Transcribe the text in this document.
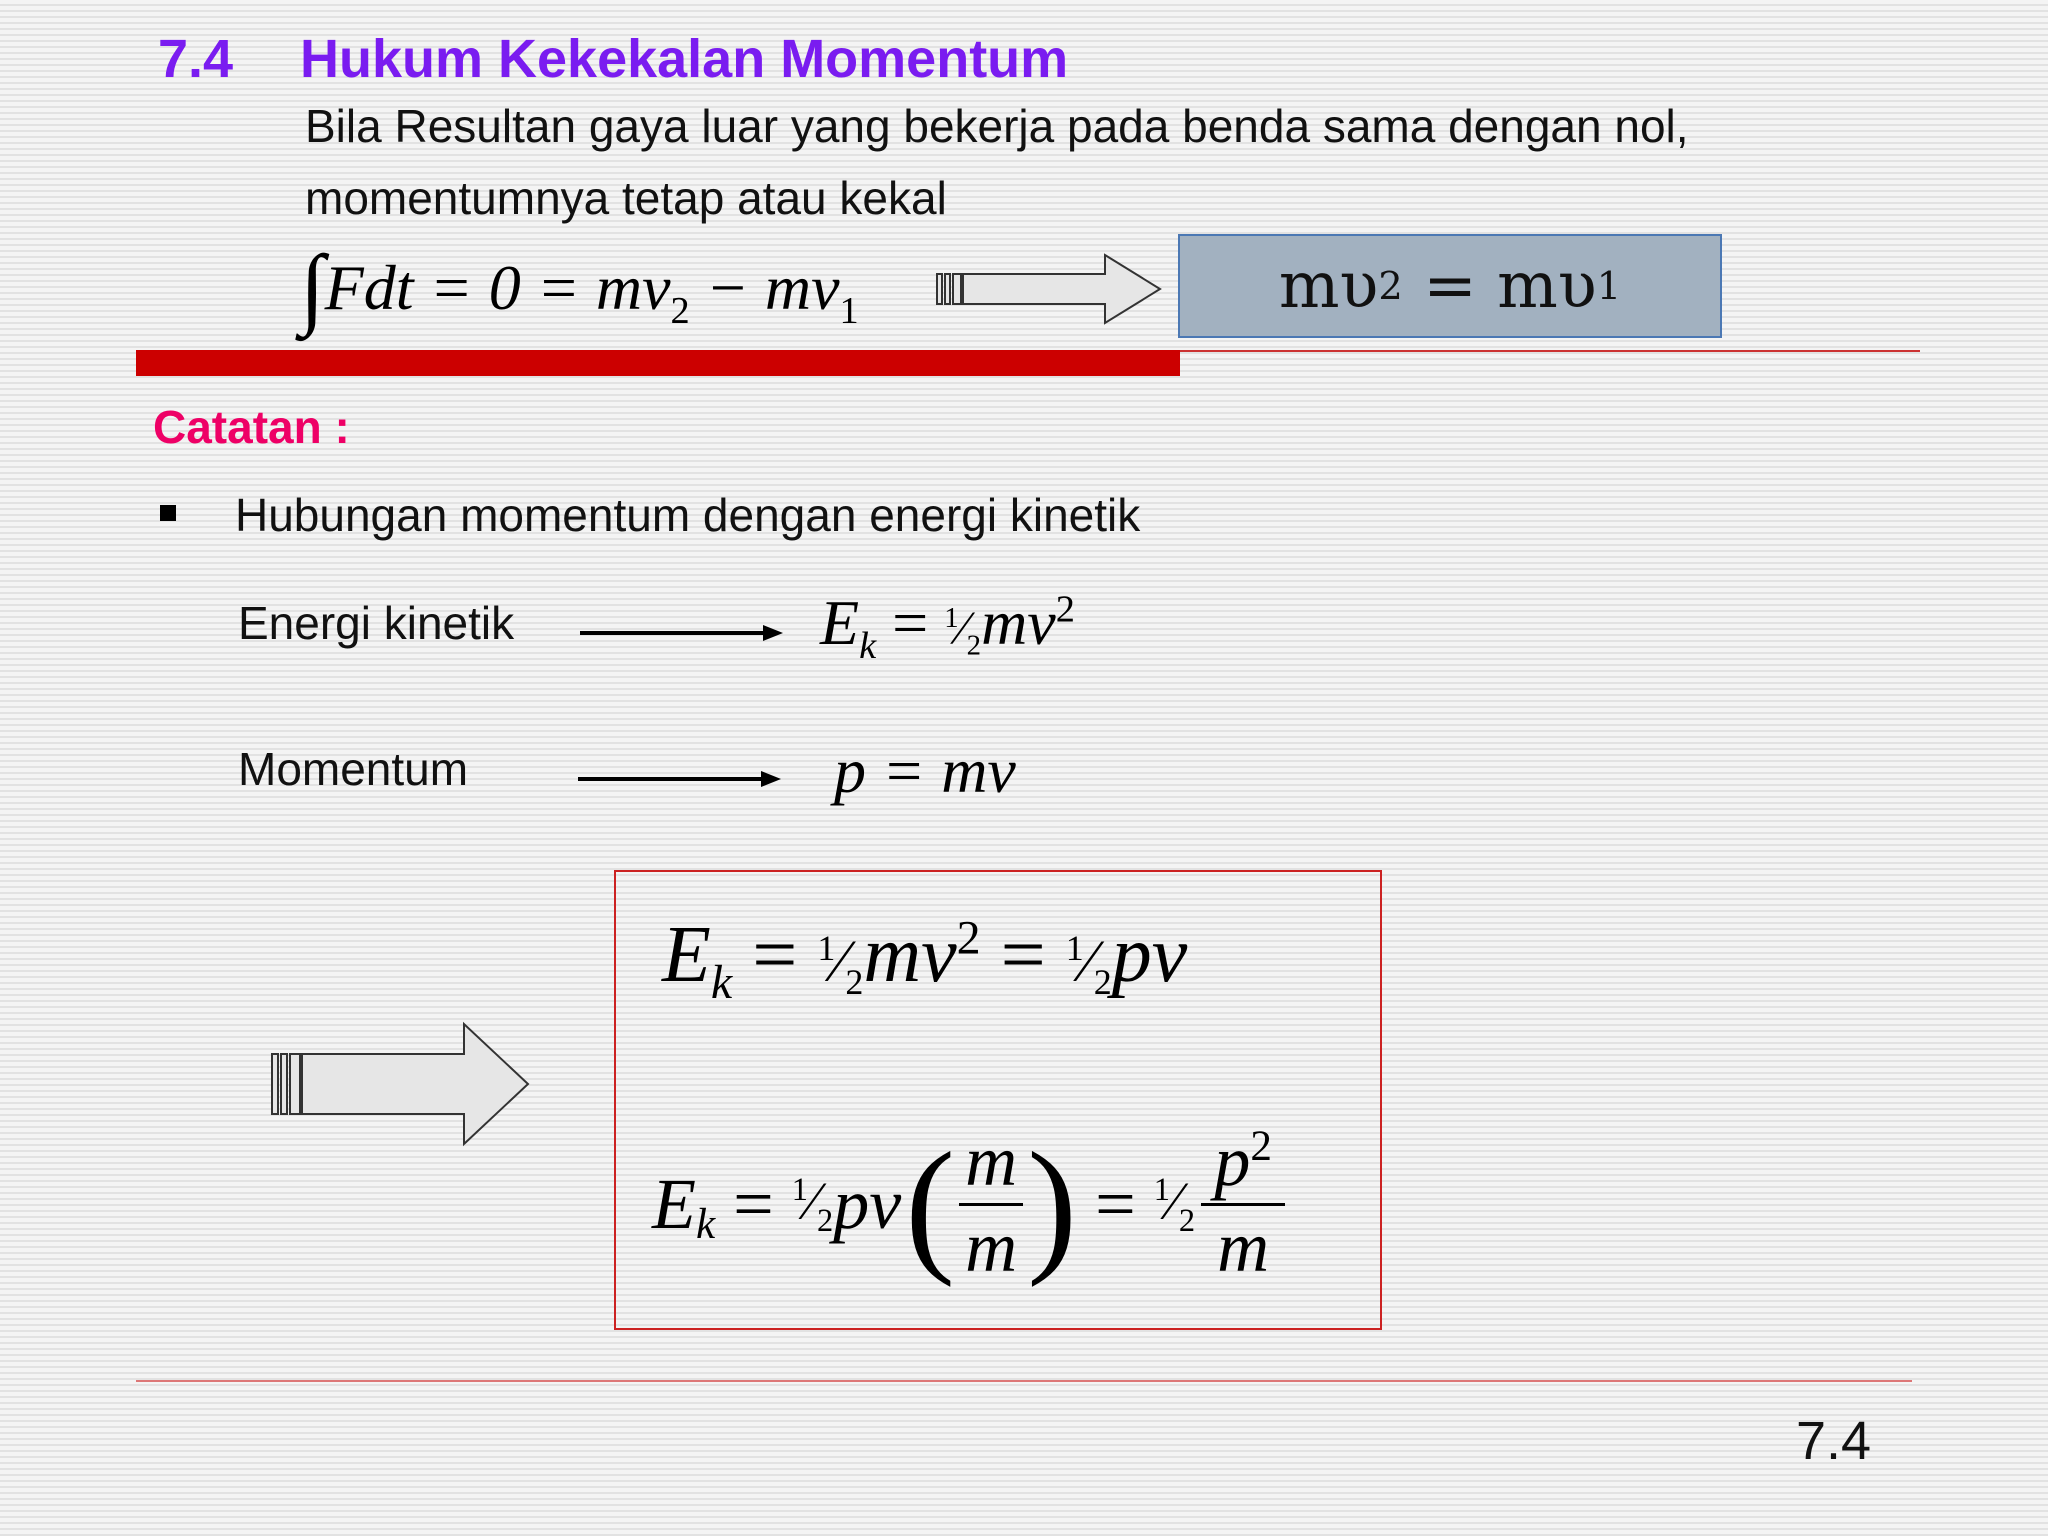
7.4 Hukum Kekekalan Momentum
Bila Resultan gaya luar yang bekerja pada benda sama dengan nol,
momentumnya tetap atau kekal
$\int Fdt = 0 = mv_2 - mv_1$	mυ 2 = mυ 1
Catatan :
Hubungan momentum dengan energi kinetik
Energi kinetik	$E_k$ = $^1⁄_2mv^2$
Momentum	p = mv
$E_k$ = $^1⁄_2mv^2$ = $^1⁄_2pv$
$E_k$ = $^1⁄_2$ pv ( m
m ) = $^1⁄_2$
$p^2$
m
7.4
